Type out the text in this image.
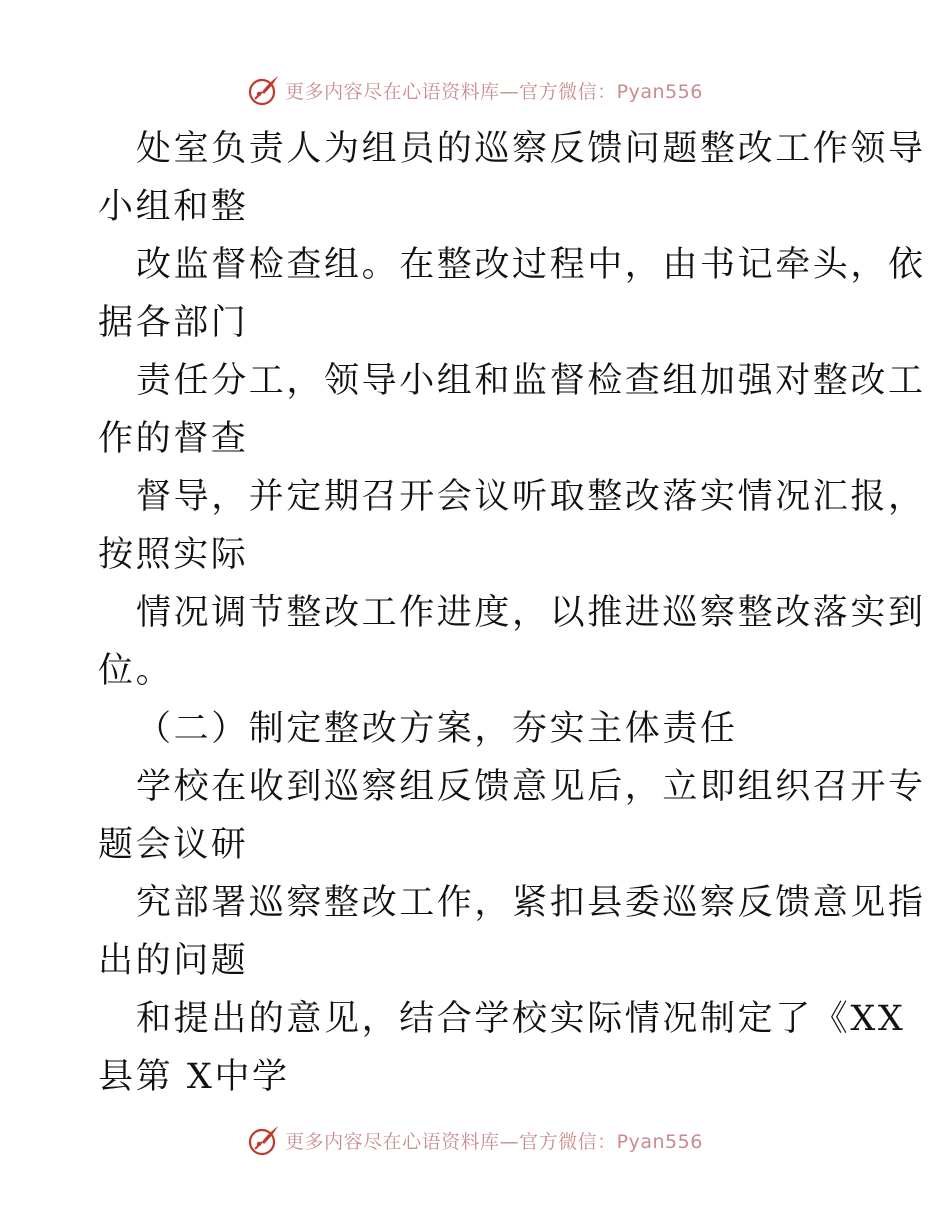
更多内容尽在心语资料库—官方微信：Pyan556
处室负责人为组员的巡察反馈问题整改工作领导
小组和整
改监督检查组。在整改过程中，由书记牵头，依
据各部门
责任分工，领导小组和监督检查组加强对整改工
作的督查
督导，并定期召开会议听取整改落实情况汇报，
按照实际
情况调节整改工作进度，以推进巡察整改落实到
位。
（二）制定整改方案，夯实主体责任
学校在收到巡察组反馈意见后，立即组织召开专
题会议研
究部署巡察整改工作，紧扣县委巡察反馈意见指
出的问题
和提出的意见，结合学校实际情况制定了《XX
县第 X中学
更多内容尽在心语资料库—官方微信：Pyan556
